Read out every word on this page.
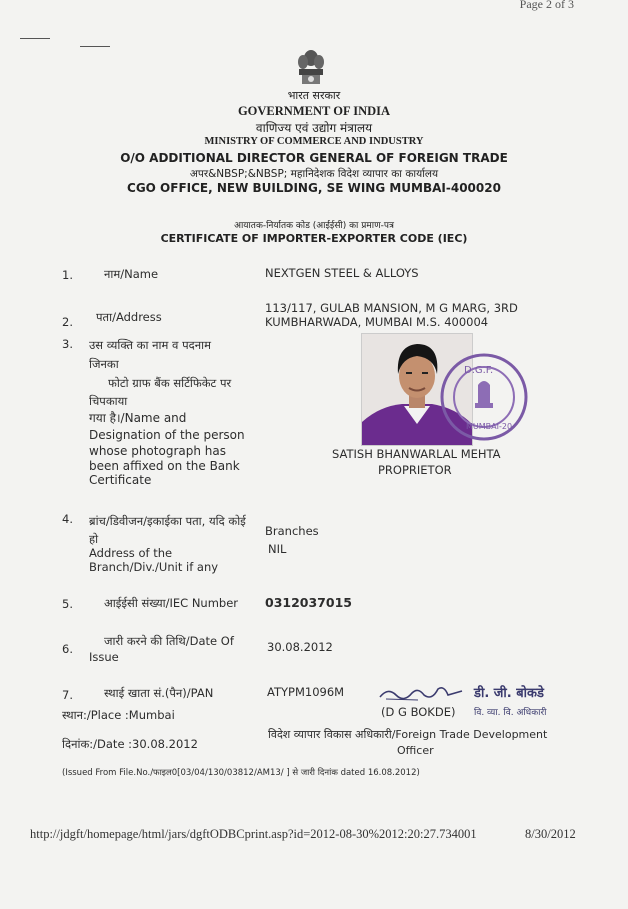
Page 2 of 3
भारत सरकार
GOVERNMENT OF INDIA
वाणिज्य एवं उद्योग मंत्रालय
MINISTRY OF COMMERCE AND INDUSTRY
O/O ADDITIONAL DIRECTOR GENERAL OF FOREIGN TRADE
अपर&NBSP;&NBSP; महानिदेशक विदेश व्यापार का कार्यालय
CGO OFFICE, NEW BUILDING, SE WING MUMBAI-400020
आयातक-निर्यातक कोड (आईईसी) का प्रमाण-पत्र
CERTIFICATE OF IMPORTER-EXPORTER CODE (IEC)
1.	नाम/Name	NEXTGEN STEEL & ALLOYS
2. पता/Address
113/117, GULAB MANSION, M G MARG, 3RD
KUMBHARWADA, MUMBAI M.S. 400004
3. उस व्यक्ति का नाम व पदनाम
जिनका
फोटो ग्राफ बैंक सर्टिफिकेट पर
चिपकाया
गया है।/Name and
Designation of the person
whose photograph has
been affixed on the Bank
Certificate
D.G.F.
MUMBAI-20
SATISH BHANWARLAL MEHTA
PROPRIETOR
4. ब्रांच/डिवीजन/इकाईका पता, यदि कोई
हो
Address of the
Branch/Div./Unit if any
Branches
NIL
5.	आईईसी संख्या/IEC Number 0312037015
6.
जारी करने की तिथि/Date Of
Issue
30.08.2012
7.	स्थाई खाता सं.(पैन)/PAN	ATYPM1096M
स्थान:/Place :Mumbai
दिनांक:/Date :30.08.2012
डी. जी. बोकडे
वि. व्या. वि. अधिकारी
(D G BOKDE)
विदेश व्यापार विकास अधिकारी/Foreign Trade Development
Officer
(Issued From File.No./फाइल0[03/04/130/03812/AM13/ ] से जारी दिनांक dated 16.08.2012)
http://jdgft/homepage/html/jars/dgftODBCprint.asp?id=2012-08-30%2012:20:27.734001	8/30/2012
